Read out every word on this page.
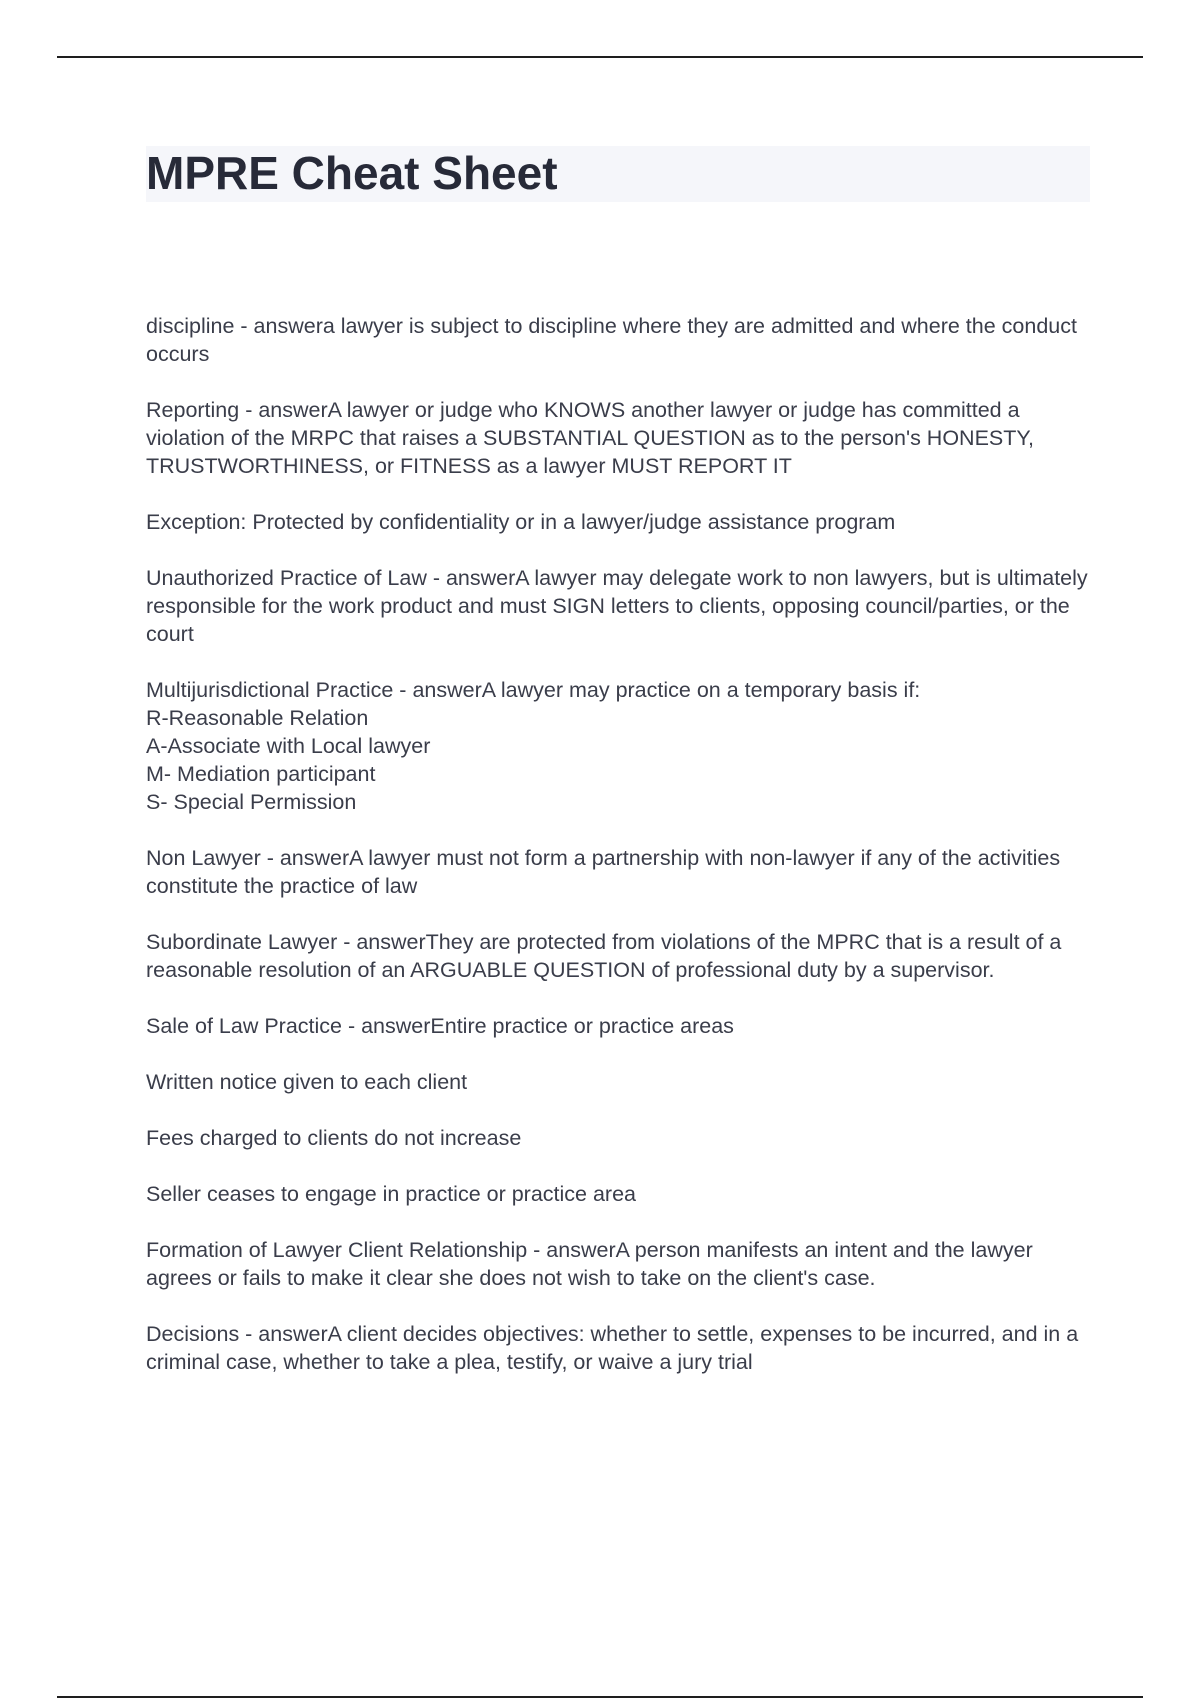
MPRE Cheat Sheet

discipline - answera lawyer is subject to discipline where they are admitted and where the conduct occurs

Reporting - answerA lawyer or judge who KNOWS another lawyer or judge has committed a violation of the MRPC that raises a SUBSTANTIAL QUESTION as to the person's HONESTY, TRUSTWORTHINESS, or FITNESS as a lawyer MUST REPORT IT

Exception: Protected by confidentiality or in a lawyer/judge assistance program

Unauthorized Practice of Law - answerA lawyer may delegate work to non lawyers, but is ultimately responsible for the work product and must SIGN letters to clients, opposing council/parties, or the court

Multijurisdictional Practice - answerA lawyer may practice on a temporary basis if:
R-Reasonable Relation
A-Associate with Local lawyer
M- Mediation participant
S- Special Permission

Non Lawyer - answerA lawyer must not form a partnership with non-lawyer if any of the activities constitute the practice of law

Subordinate Lawyer - answerThey are protected from violations of the MPRC that is a result of a reasonable resolution of an ARGUABLE QUESTION of professional duty by a supervisor.

Sale of Law Practice - answerEntire practice or practice areas

Written notice given to each client

Fees charged to clients do not increase

Seller ceases to engage in practice or practice area

Formation of Lawyer Client Relationship - answerA person manifests an intent and the lawyer agrees or fails to make it clear she does not wish to take on the client's case.

Decisions - answerA client decides objectives: whether to settle, expenses to be incurred, and in a criminal case, whether to take a plea, testify, or waive a jury trial
